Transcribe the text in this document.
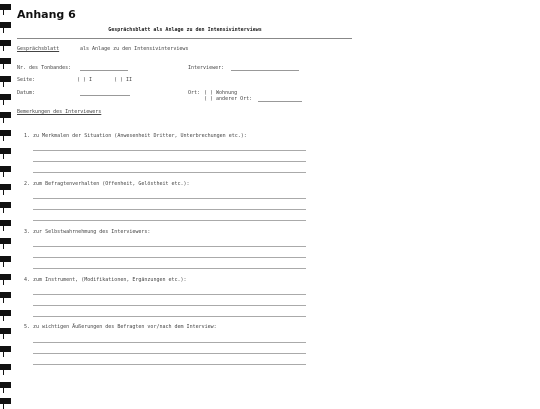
Anhang 6
Gesprächsblatt als Anlage zu den Intensivinterviews
Gesprächsblatt	als Anlage zu den Intensivinterviews
Nr. des Tonbandes:	Interviewer:
Seite:	( ) I	( ) II
Datum:	Ort: ( ) Wohnung
( ) anderer Ort:
Bemerkungen des Interviewers
1. zu Merkmalen der Situation (Anwesenheit Dritter, Unterbrechungen etc.):
2. zum Befragtenverhalten (Offenheit, Gelöstheit etc.):
3. zur Selbstwahrnehmung des Interviewers:
4. zum Instrument, (Modifikationen, Ergänzungen etc.):
5. zu wichtigen Äußerungen des Befragten vor/nach dem Interview:
